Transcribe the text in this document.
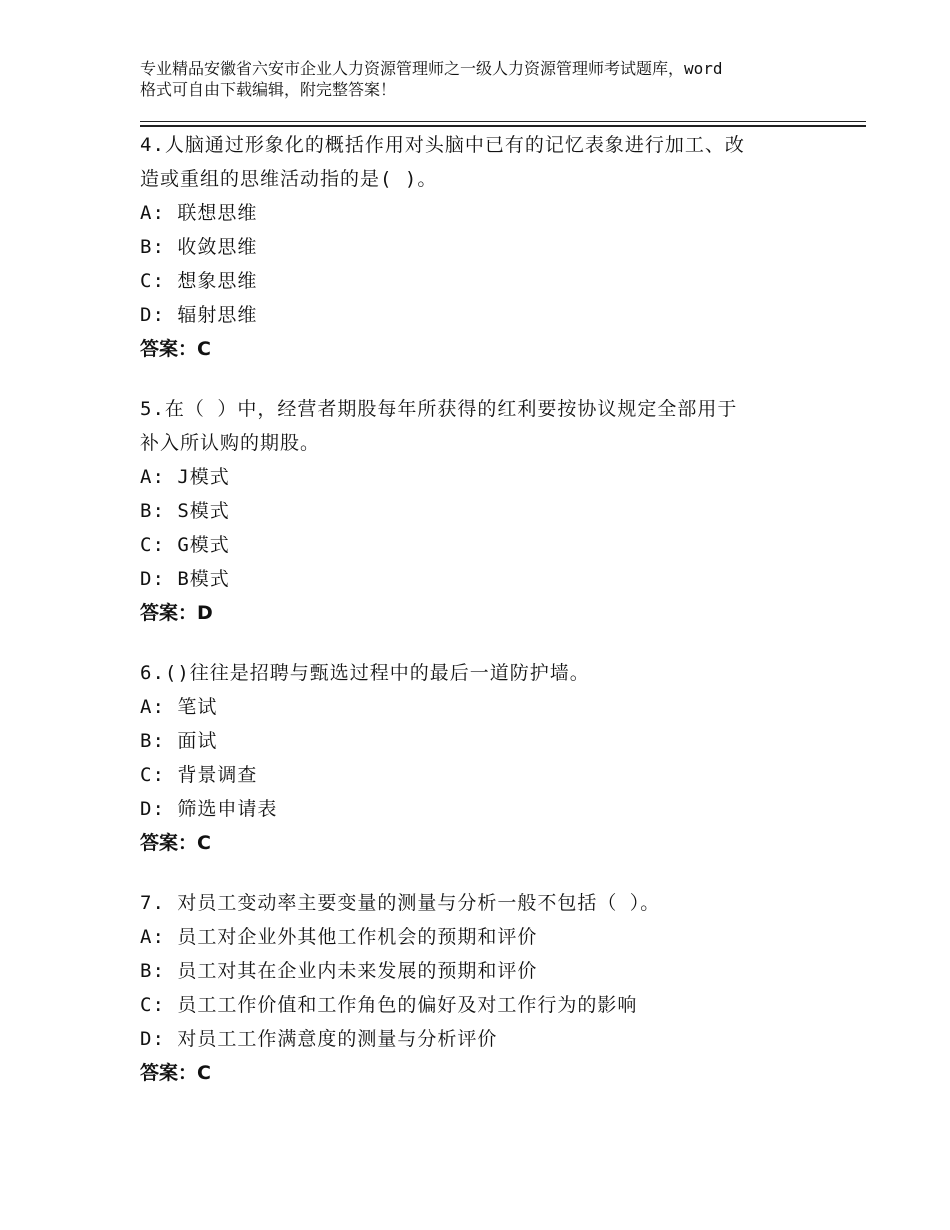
专业精品安徽省六安市企业人力资源管理师之一级人力资源管理师考试题库，word
格式可自由下载编辑，附完整答案！
4.人脑通过形象化的概括作用对头脑中已有的记忆表象进行加工、改
造或重组的思维活动指的是( )。
A: 联想思维
B: 收敛思维
C: 想象思维
D: 辐射思维
答案：C
5.在（ ）中，经营者期股每年所获得的红利要按协议规定全部用于
补入所认购的期股。
A: J模式
B: S模式
C: G模式
D: B模式
答案：D
6.()往往是招聘与甄选过程中的最后一道防护墙。
A: 笔试
B: 面试
C: 背景调查
D: 筛选申请表
答案：C
7. 对员工变动率主要变量的测量与分析一般不包括（ ）。
A: 员工对企业外其他工作机会的预期和评价
B: 员工对其在企业内未来发展的预期和评价
C: 员工工作价值和工作角色的偏好及对工作行为的影响
D: 对员工工作满意度的测量与分析评价
答案：C
